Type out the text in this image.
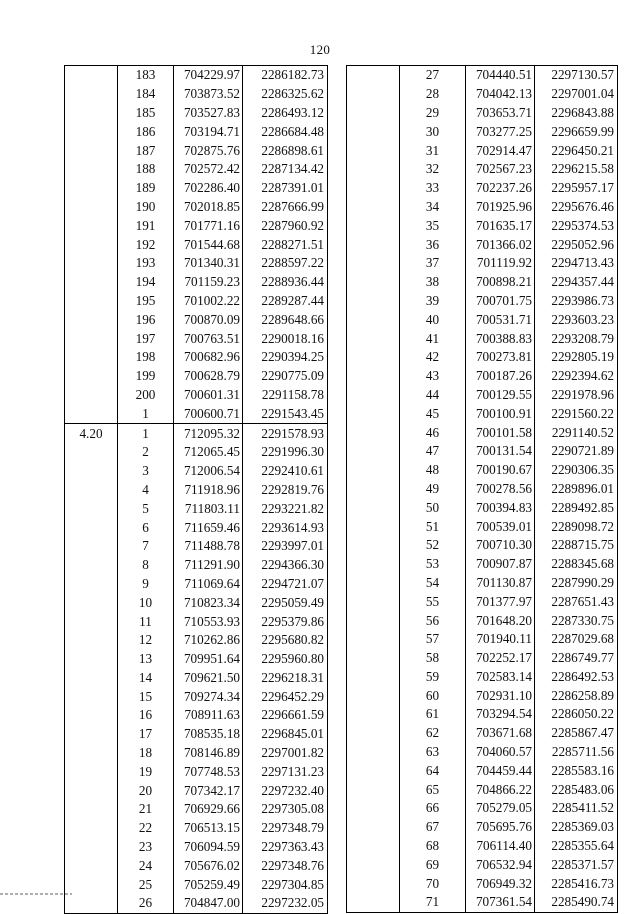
120
	183	704229.97	2286182.73
	184	703873.52	2286325.62
	185	703527.83	2286493.12
	186	703194.71	2286684.48
	187	702875.76	2286898.61
	188	702572.42	2287134.42
	189	702286.40	2287391.01
	190	702018.85	2287666.99
	191	701771.16	2287960.92
	192	701544.68	2288271.51
	193	701340.31	2288597.22
	194	701159.23	2288936.44
	195	701002.22	2289287.44
	196	700870.09	2289648.66
	197	700763.51	2290018.16
	198	700682.96	2290394.25
	199	700628.79	2290775.09
	200	700601.31	2291158.78
	1	700600.71	2291543.45
4.20	1	712095.32	2291578.93
	2	712065.45	2291996.30
	3	712006.54	2292410.61
	4	711918.96	2292819.76
	5	711803.11	2293221.82
	6	711659.46	2293614.93
	7	711488.78	2293997.01
	8	711291.90	2294366.30
	9	711069.64	2294721.07
	10	710823.34	2295059.49
	11	710553.93	2295379.86
	12	710262.86	2295680.82
	13	709951.64	2295960.80
	14	709621.50	2296218.31
	15	709274.34	2296452.29
	16	708911.63	2296661.59
	17	708535.18	2296845.01
	18	708146.89	2297001.82
	19	707748.53	2297131.23
	20	707342.17	2297232.40
	21	706929.66	2297305.08
	22	706513.15	2297348.79
	23	706094.59	2297363.43
	24	705676.02	2297348.76
	25	705259.49	2297304.85
	26	704847.00	2297232.05
	27	704440.51	2297130.57
	28	704042.13	2297001.04
	29	703653.71	2296843.88
	30	703277.25	2296659.99
	31	702914.47	2296450.21
	32	702567.23	2296215.58
	33	702237.26	2295957.17
	34	701925.96	2295676.46
	35	701635.17	2295374.53
	36	701366.02	2295052.96
	37	701119.92	2294713.43
	38	700898.21	2294357.44
	39	700701.75	2293986.73
	40	700531.71	2293603.23
	41	700388.83	2293208.79
	42	700273.81	2292805.19
	43	700187.26	2292394.62
	44	700129.55	2291978.96
	45	700100.91	2291560.22
	46	700101.58	2291140.52
	47	700131.54	2290721.89
	48	700190.67	2290306.35
	49	700278.56	2289896.01
	50	700394.83	2289492.85
	51	700539.01	2289098.72
	52	700710.30	2288715.75
	53	700907.87	2288345.68
	54	701130.87	2287990.29
	55	701377.97	2287651.43
	56	701648.20	2287330.75
	57	701940.11	2287029.68
	58	702252.17	2286749.77
	59	702583.14	2286492.53
	60	702931.10	2286258.89
	61	703294.54	2286050.22
	62	703671.68	2285867.47
	63	704060.57	2285711.56
	64	704459.44	2285583.16
	65	704866.22	2285483.06
	66	705279.05	2285411.52
	67	705695.76	2285369.03
	68	706114.40	2285355.64
	69	706532.94	2285371.57
	70	706949.32	2285416.73
	71	707361.54	2285490.74
